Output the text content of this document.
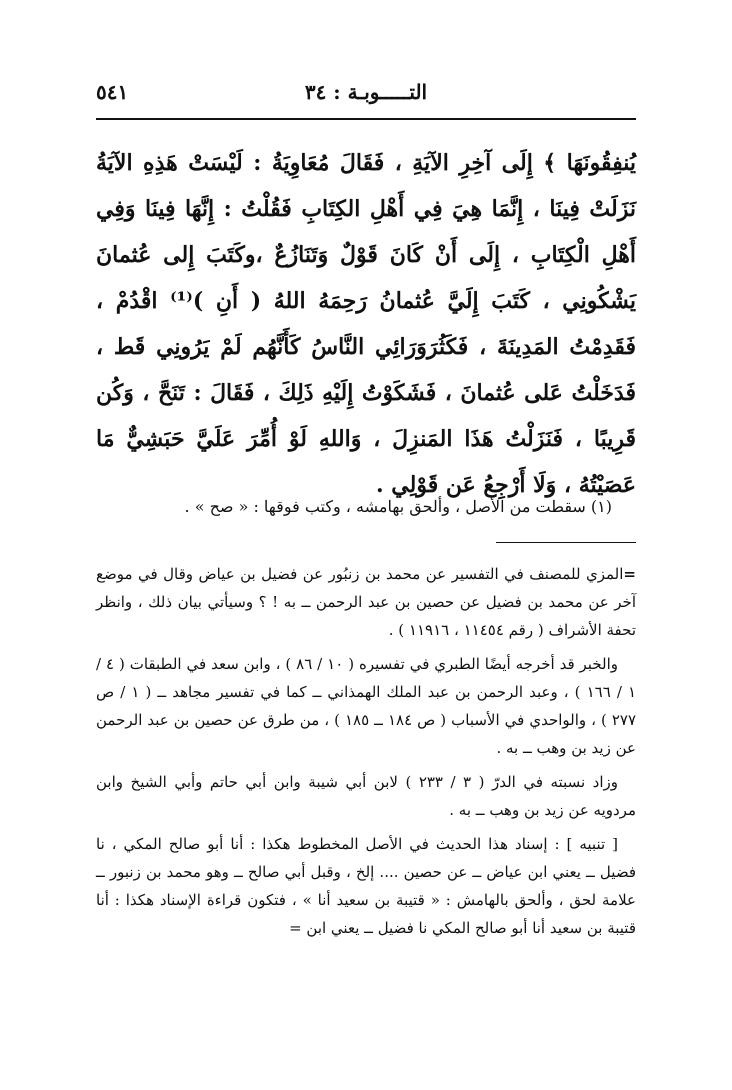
التـــــوبـة : ٣٤
٥٤١

يُنفِقُونَهَا ﴾ إِلَى آخِرِ الآيَةِ ، فَقَالَ مُعَاوِيَةُ : لَيْسَتْ هَذِهِ الآيَةُ نَزَلَتْ فِينَا ، إِنَّمَا هِيَ فِي أَهْلِ الكِتَابِ فَقُلْتُ : إِنَّهَا فِينَا وَفِي أَهْلِ الْكِتَابِ ، إِلَى أَنْ كَانَ قَوْلٌ وَتَنَازُعٌ ،وكَتَبَ إِلى عُثمانَ يَشْكُونِي ، كَتَبَ إِلَيَّ عُثمانُ رَحِمَهُ اللهُ ( أَنِ )⁽¹⁾ اقْدُمْ ، فَقَدِمْتُ المَدِينَةَ ، فَكَثُرَوَرَائِي النَّاسُ كَأَنَّهُم لَمْ يَرُونِي قَط ، فَدَخَلْتُ عَلى عُثمانَ ، فَشَكَوْتُ إِلَيْهِ ذَلِكَ ، فَقَالَ : تَنَحَّ ، وَكُن قَرِيبًا ، فَنَزَلْتُ هَذَا المَنزِلَ ، وَاللهِ لَوْ أُمِّرَ عَلَيَّ حَبَشِيٌّ مَا عَصَيْتُهُ ، وَلَا أَرْجِعُ عَن قَوْلِي .

(١) سقطت من الأصل ، وألحق بهامشه ، وكتب فوقها : « صح » .

=المزي للمصنف في التفسير عن محمد بن زنبُور عن فضيل بن عياض وقال في موضع آخر عن محمد بن فضيل عن حصين بن عبد الرحمن ــ به ! ؟ وسيأتي بيان ذلك ، وانظر تحفة الأشراف ( رقم ١١٤٥٤ ، ١١٩١٦ ) .

والخبر قد أخرجه أيضًا الطبري في تفسيره ( ١٠ / ٨٦ ) ، وابن سعد في الطبقات ( ٤ / ١ / ١٦٦ ) ، وعبد الرحمن بن عبد الملك الهمذاني ــ كما في تفسير مجاهد ــ ( ١ / ص ٢٧٧ ) ، والواحدي في الأسباب ( ص ١٨٤ ــ ١٨٥ ) ، من طرق عن حصين بن عبد الرحمن عن زيد بن وهب ــ به .

وزاد نسبته في الدرّ ( ٣ / ٢٣٣ ) لابن أبي شيبة وابن أبي حاتم وأبي الشيخ وابن مردويه عن زيد بن وهب ــ به .

[ تنبيه ] : إسناد هذا الحديث في الأصل المخطوط هكذا : أنا أبو صالح المكي ، نا فضيل ــ يعني ابن عياض ــ عن حصين .... إلخ ، وقبل أبي صالح ــ وهو محمد بن زنبور ــ علامة لحق ، وألحق بالهامش : « قتيبة بن سعيد أنا » ، فتكون قراءة الإسناد هكذا : أنا قتيبة بن سعيد أنا أبو صالح المكي نا فضيل ــ يعني ابن =
